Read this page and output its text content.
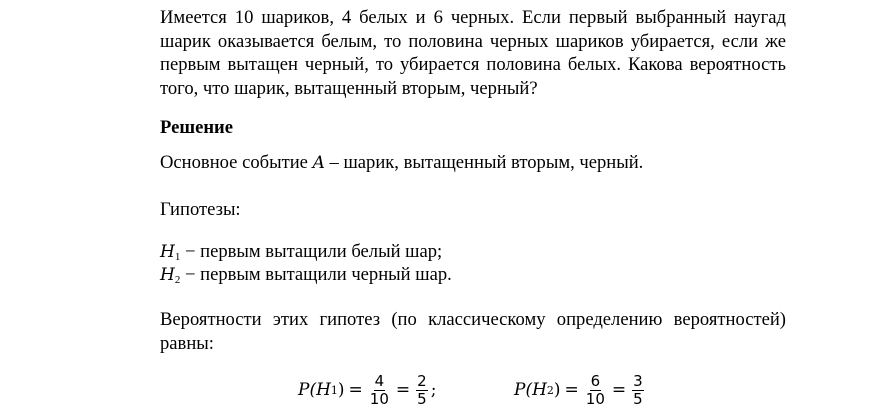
Имеется 10 шариков, 4 белых и 6 черных. Если первый выбранный наугад шарик оказывается белым, то половина черных шариков убирается, если же первым вытащен черный, то убирается половина белых. Какова вероятность того, что шарик, вытащенный вторым, черный?
Решение
Основное событие A – шарик, вытащенный вторым, черный.
Гипотезы:
$H_1$ − первым вытащили белый шар;
$H_2$ − первым вытащили черный шар.
Вероятности этих гипотез (по классическому определению вероятностей) равны:
P( H 1 ) = $\frac{4}{10} = \frac{2}{5}$ ;	P( H 2 ) = $\frac{6}{10} = \frac{3}{5}$
